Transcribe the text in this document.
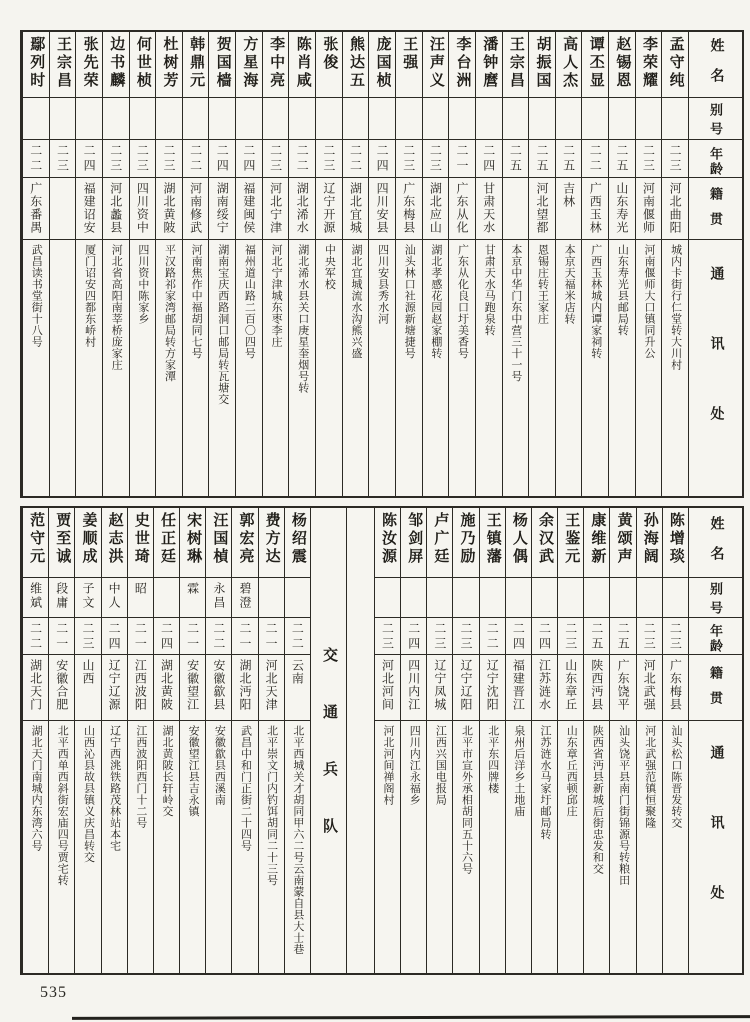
姓名
别号
年龄
籍贯
通讯处
孟守纯
二三
河北曲阳
城内卡街行仁堂转大川村
李荣耀
二三
河南偃师
河南偃师大口镇同升公
赵锡恩
二五
山东寿光
山东寿光县邮局转
谭丕显
二二
广西玉林
广西玉林城内谭家祠转
高人杰
二五
吉林
本京天福米店转
胡振国
二五
河北望都
恩锡庄转王家庄
王宗昌
二五
本京中华门东中营三十一号
潘钟麿
二四
甘肃天水
甘肃天水马跑泉转
李台洲
二一
广东从化
广东从化良口圩美香号
汪声义
二三
湖北应山
湖北孝感花园赵家棚转
王强
二三
广东梅县
汕头林口社源新塘捷号
庞国桢
二四
四川安县
四川安县秀水河
熊达五
二二
湖北宜城
湖北宜城流水沟熊兴盛
张俊
二三
辽宁开源
中央军校
陈肖咸
二二
湖北浠水
湖北浠水县关口庚星奎烟号转
李中亮
二三
河北宁津
河北宁津城东枣李庄
方星海
二四
福建闽侯
福州道山路二百〇四号
贺国樯
二四
湖南绥宁
湖南宝庆西路洞口邮局转瓦塘交
韩鼎元
二二
河南修武
河南焦作中福胡同七号
杜树芳
二三
湖北黄陂
平汉路祁家湾邮局转方家潭
何世桢
二三
四川资中
四川资中陈家乡
边书麟
二三
河北蠡县
河北省高阳南莘桥庞家庄
张先荣
二四
福建诏安
厦门诏安四都东峤村
王宗昌
二三
鄢列时
二二
广东番禺
武昌读书堂街十八号
姓名
别号
年龄
籍贯
通讯处
陈增琰
二三
广东梅县
汕头松口陈晋发转交
孙海阔
二三
河北武强
河北武强范镇恒聚隆
黄颂声
二五
广东饶平
汕头饶平县南门街锦源号转粮田
康维新
二五
陕西沔县
陕西省沔县新城后街忠发和交
王鉴元
二三
山东章丘
山东章丘西顿邱庄
余汉武
二四
江苏涟水
江苏涟水马家圩邮局转
杨人偶
二四
福建晋江
泉州后洋乡土地庙
王镇藩
二二
辽宁沈阳
北平东四牌楼
施乃励
二三
辽宁辽阳
北平市宣外承相胡同五十六号
卢广廷
二三
辽宁凤城
江西兴国电报局
邹剑屏
二四
四川内江
四川内江永福乡
陈汝源
二三
河北河间
河北河间禅阁村
交通兵队
杨绍震
二二
云南
北平西城关才胡同甲六二号云南蒙自县大士巷
费方达
二一
河北天津
北平崇文门内钓饵胡同二十三号
郭宏亮
碧澄
二一
湖北沔阳
武昌中和门正街二十四号
汪国楨
永昌
二二
安徽歙县
安徽歙县西溪南
宋树琳
霖
二一
安徽望江
安徽望江县吉永镇
任正廷
二四
湖北黄陂
湖北黄陂长轩岭交
史世琦
昭
二一
江西波阳
江西波阳西门十二号
赵志洪
中人
二四
辽宁辽源
辽宁西洮铁路茂林站本宅
姜顺成
子文
二三
山西
山西沁县故县镇义庆昌转交
贾至诚
段庸
二一
安徽合肥
北平西单西斜街宏庙四号贾宅转
范守元
维斌
二二
湖北天门
湖北天门南城内东湾六号
535
